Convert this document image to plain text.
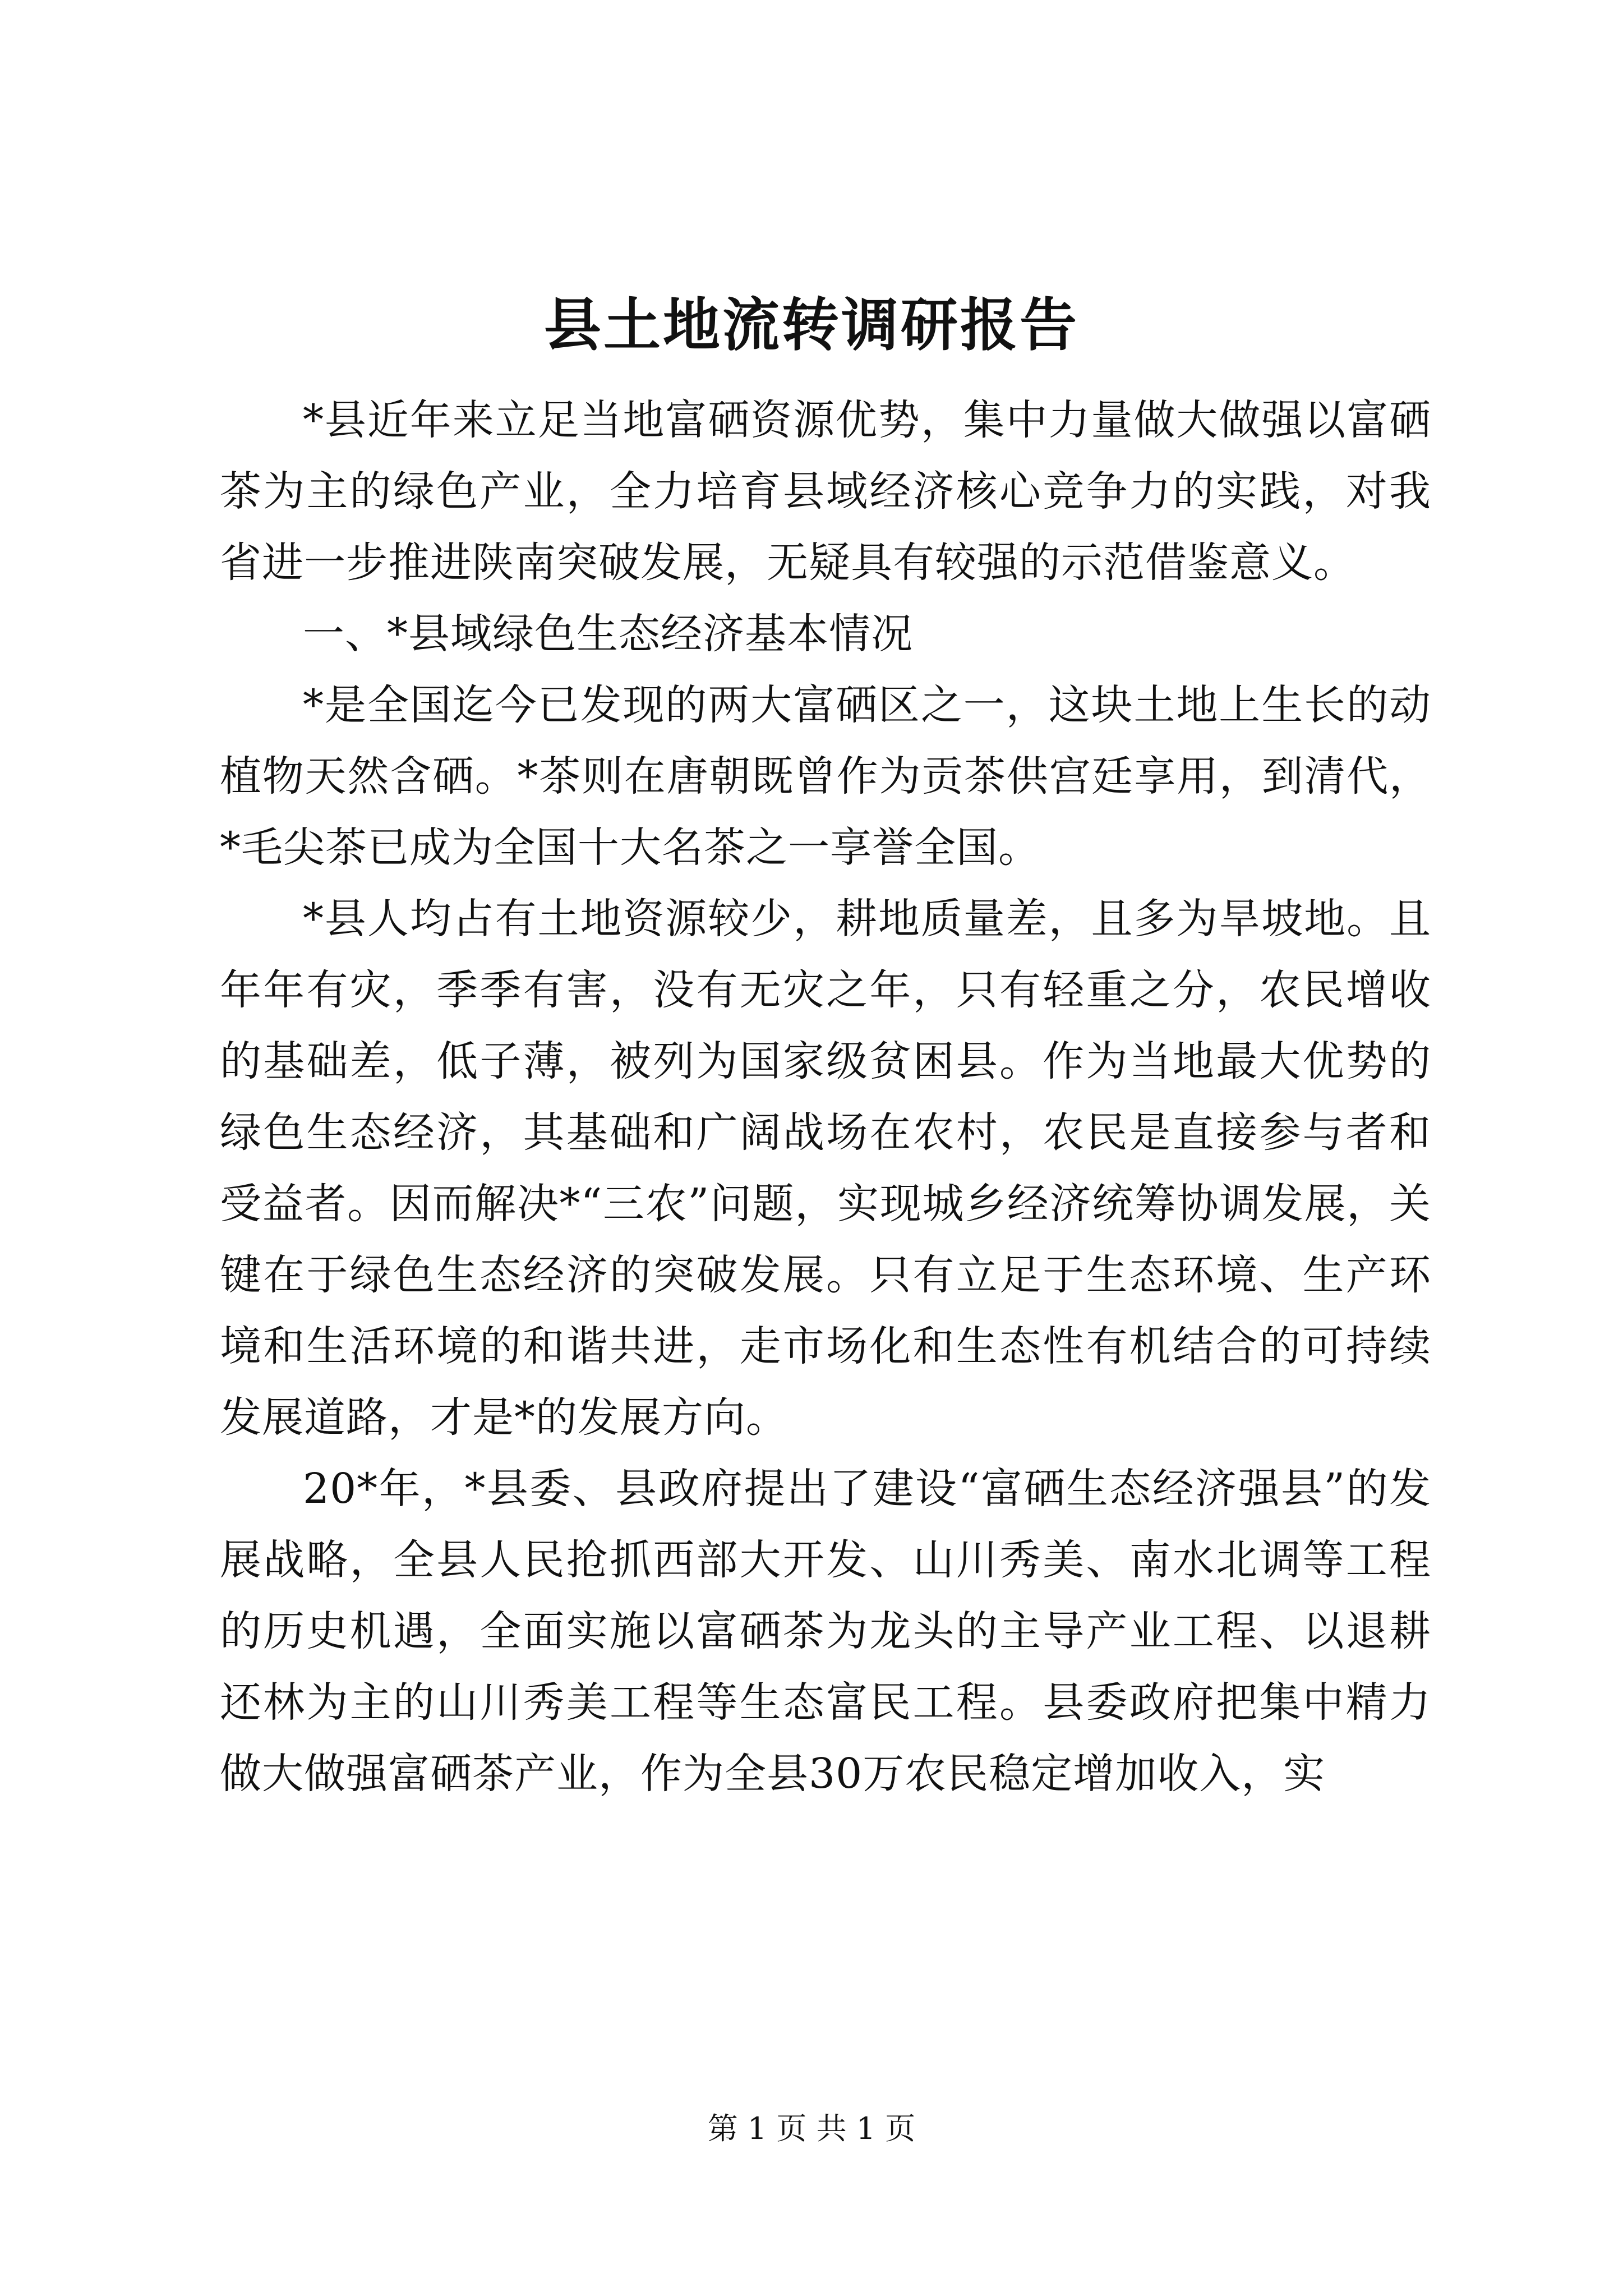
县土地流转调研报告

*县近年来立足当地富硒资源优势，集中力量做大做强以富硒茶为主的绿色产业，全力培育县域经济核心竞争力的实践，对我省进一步推进陕南突破发展，无疑具有较强的示范借鉴意义。

一、*县域绿色生态经济基本情况

*是全国迄今已发现的两大富硒区之一，这块土地上生长的动植物天然含硒。*茶则在唐朝既曾作为贡茶供宫廷享用，到清代，*毛尖茶已成为全国十大名茶之一享誉全国。

*县人均占有土地资源较少，耕地质量差，且多为旱坡地。且年年有灾，季季有害，没有无灾之年，只有轻重之分，农民增收的基础差，低子薄，被列为国家级贫困县。作为当地最大优势的绿色生态经济，其基础和广阔战场在农村，农民是直接参与者和受益者。因而解决*“三农”问题，实现城乡经济统筹协调发展，关键在于绿色生态经济的突破发展。只有立足于生态环境、生产环境和生活环境的和谐共进，走市场化和生态性有机结合的可持续发展道路，才是*的发展方向。

20*年，*县委、县政府提出了建设“富硒生态经济强县”的发展战略，全县人民抢抓西部大开发、山川秀美、南水北调等工程的历史机遇，全面实施以富硒茶为龙头的主导产业工程、以退耕还林为主的山川秀美工程等生态富民工程。县委政府把集中精力做大做强富硒茶产业，作为全县30万农民稳定增加收入，实

第 1 页 共 1 页
